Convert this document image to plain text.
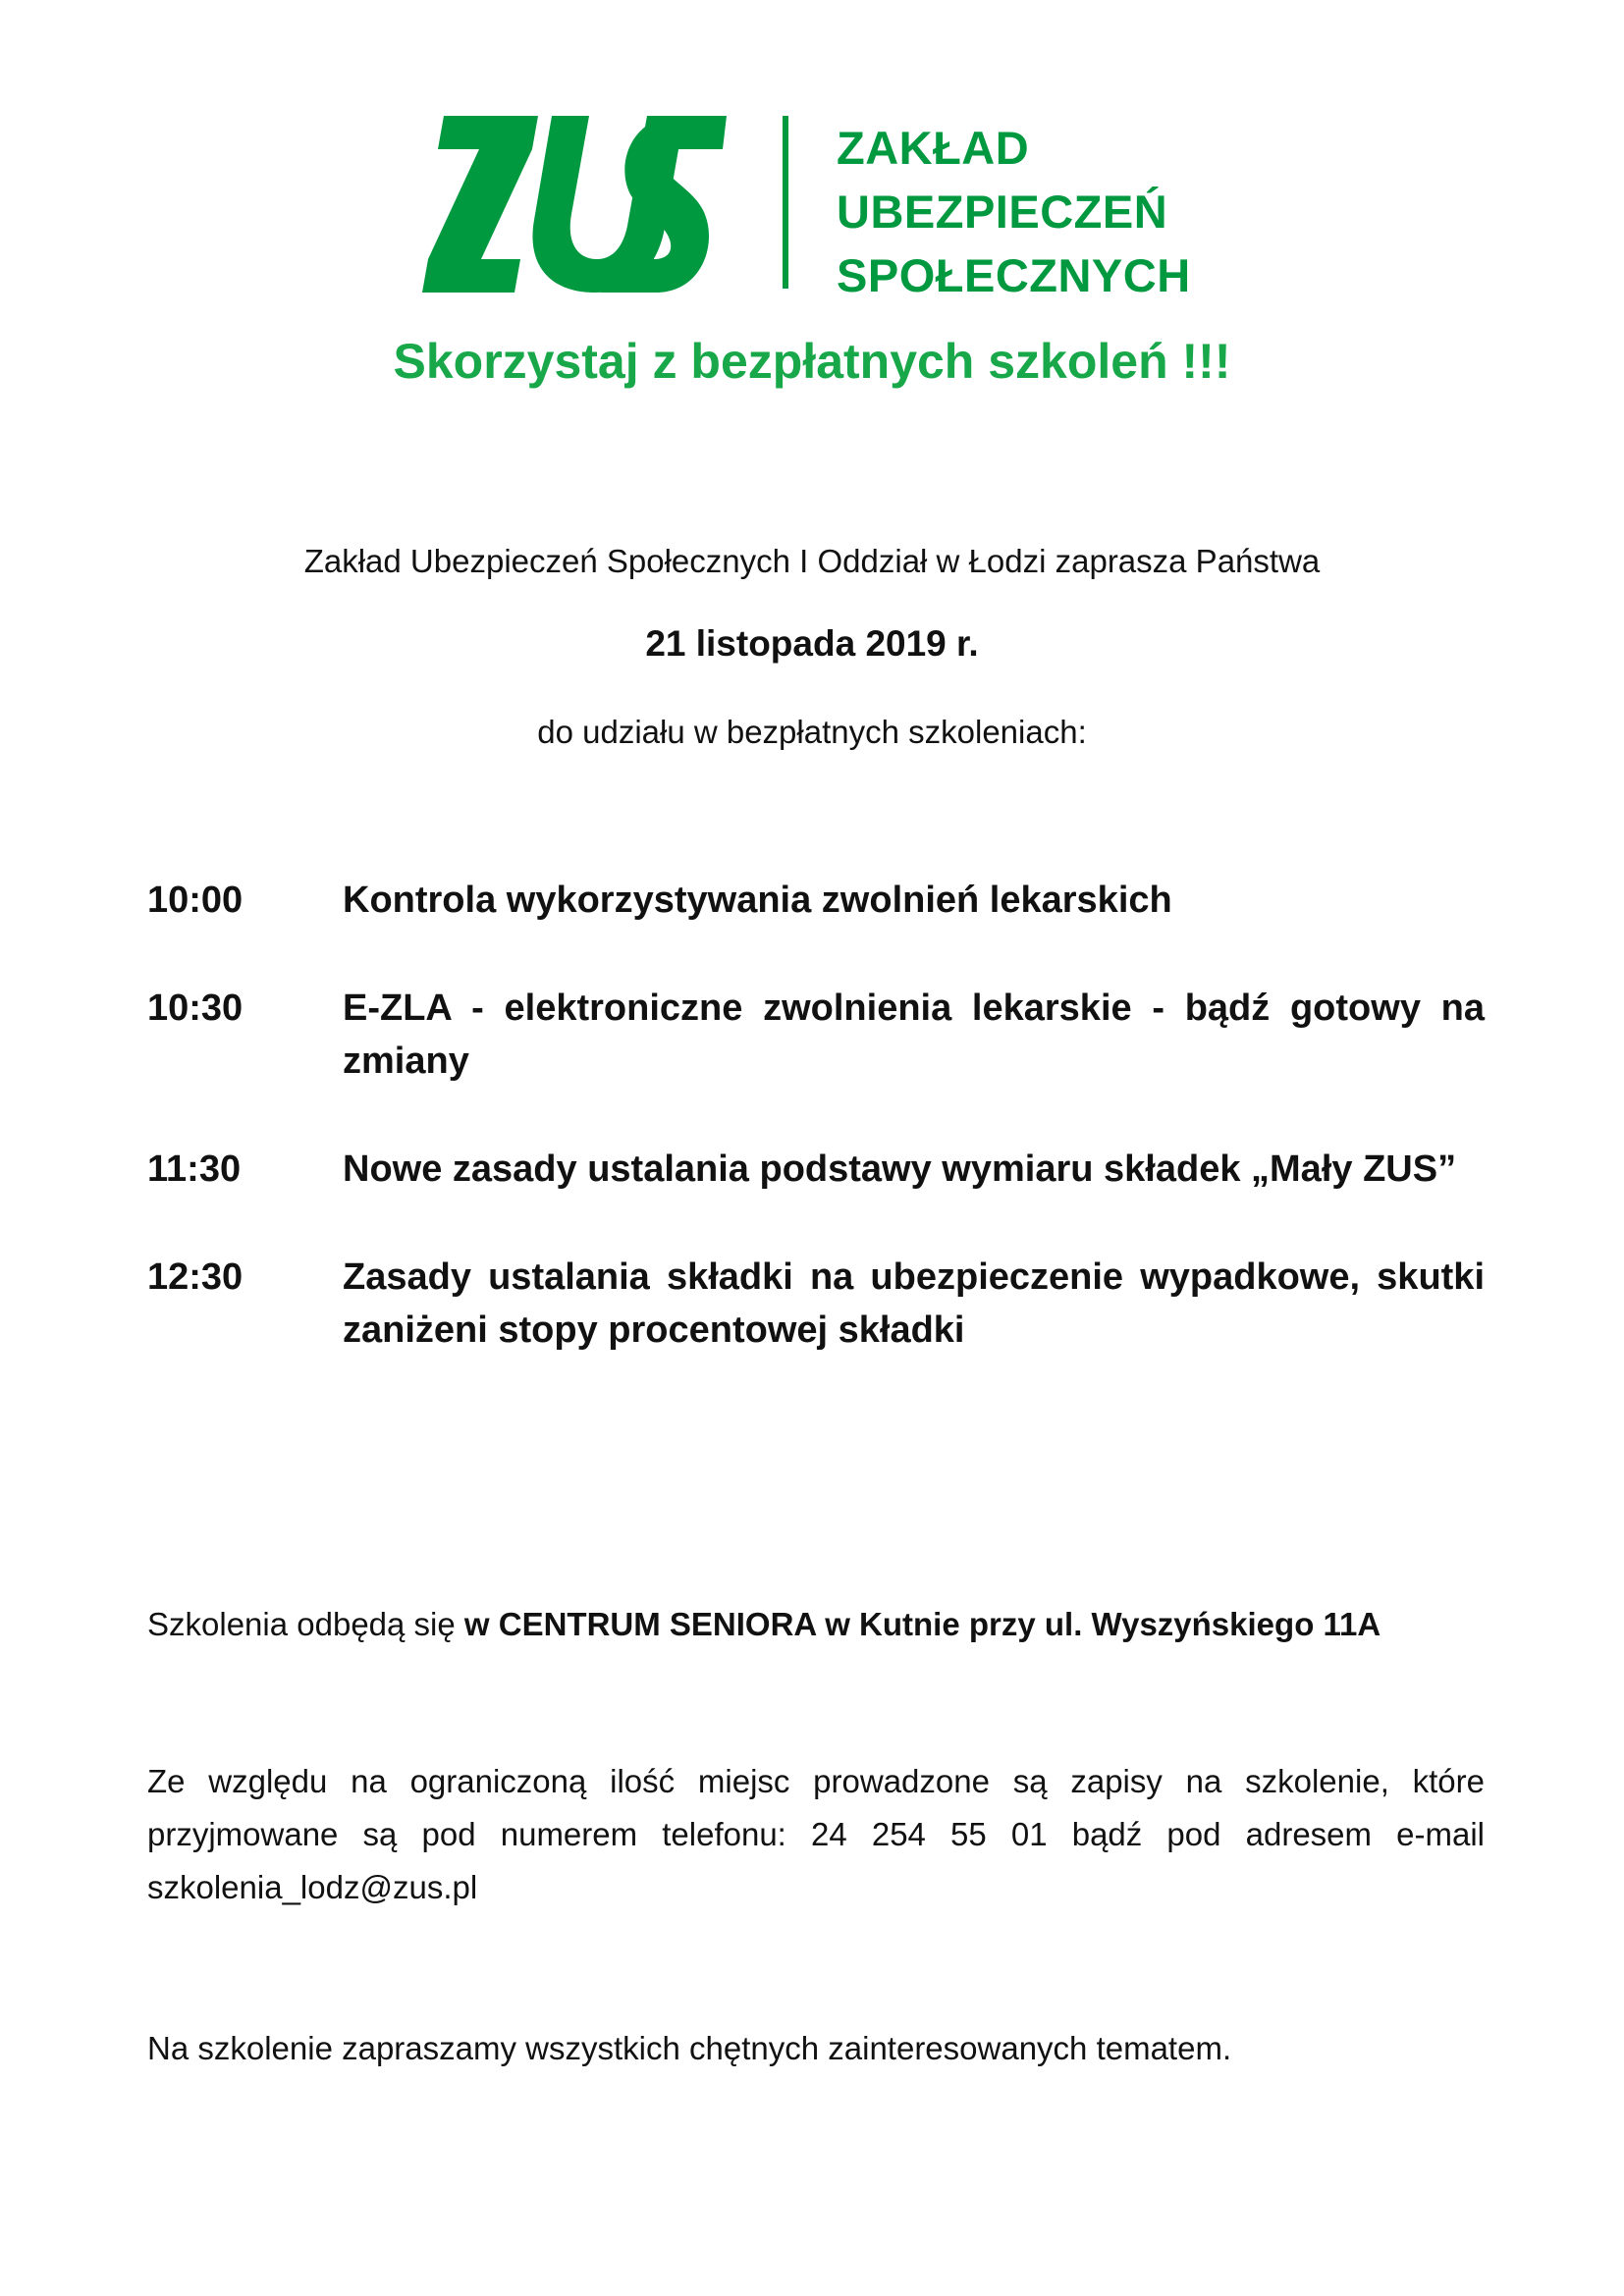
ZAKŁAD
UBEZPIECZEŃ
SPOŁECZNYCH
Skorzystaj z bezpłatnych szkoleń !!!
Zakład Ubezpieczeń Społecznych I Oddział w Łodzi zaprasza Państwa
21 listopada 2019 r.
do udziału w bezpłatnych szkoleniach:
10:00	Kontrola wykorzystywania zwolnień lekarskich
10:30	E-ZLA - elektroniczne zwolnienia lekarskie - bądź gotowy na zmiany
11:30	Nowe zasady ustalania podstawy wymiaru składek „Mały ZUS”
12:30	Zasady ustalania składki na ubezpieczenie wypadkowe, skutki zaniżeni stopy procentowej składki
Szkolenia odbędą się w CENTRUM SENIORA w Kutnie przy ul. Wyszyńskiego 11A
Ze względu na ograniczoną ilość miejsc prowadzone są zapisy na szkolenie, które przyjmowane są pod numerem telefonu: 24 254 55 01 bądź pod adresem e-mail szkolenia_lodz@zus.pl
Na szkolenie zapraszamy wszystkich chętnych zainteresowanych tematem.
